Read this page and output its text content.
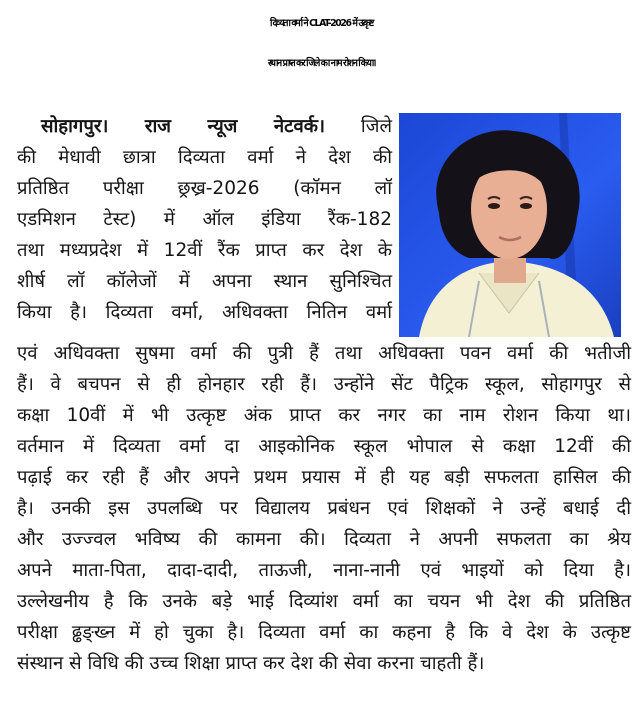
दिव्यता वर्मा ने CLAT-2026 में उत्कृष्ट
स्थान प्राप्त कर जिले का नाम रोशन किया।
सोहागपुर। राज न्यूज नेटवर्क। जिले
की मेधावी छात्रा दिव्यता वर्मा ने देश की
प्रतिष्ठित परीक्षा छ्रख्र-2026 (कॉमन लॉ
एडमिशन टेस्ट) में ऑल इंडिया रैंक-182
तथा मध्यप्रदेश में 12वीं रैंक प्राप्त कर देश के
शीर्ष लॉ कॉलेजों में अपना स्थान सुनिश्चित
किया है। दिव्यता वर्मा, अधिवक्ता नितिन वर्मा
एवं अधिवक्ता सुषमा वर्मा की पुत्री हैं तथा अधिवक्ता पवन वर्मा की भतीजी
हैं। वे बचपन से ही होनहार रही हैं। उन्होंने सेंट पैट्रिक स्कूल, सोहागपुर से
कक्षा 10वीं में भी उत्कृष्ट अंक प्राप्त कर नगर का नाम रोशन किया था।
वर्तमान में दिव्यता वर्मा दा आइकोनिक स्कूल भोपाल से कक्षा 12वीं की
पढ़ाई कर रही हैं और अपने प्रथम प्रयास में ही यह बड़ी सफलता हासिल की
है। उनकी इस उपलब्धि पर विद्यालय प्रबंधन एवं शिक्षकों ने उन्हें बधाई दी
और उज्ज्वल भविष्य की कामना की। दिव्यता ने अपनी सफलता का श्रेय
अपने माता-पिता, दादा-दादी, ताऊजी, नाना-नानी एवं भाइयों को दिया है।
उल्लेखनीय है कि उनके बड़े भाई दिव्यांश वर्मा का चयन भी देश की प्रतिष्ठित
परीक्षा ढ्ढङ्ख्न में हो चुका है। दिव्यता वर्मा का कहना है कि वे देश के उत्कृष्ट
संस्थान से विधि की उच्च शिक्षा प्राप्त कर देश की सेवा करना चाहती हैं।
